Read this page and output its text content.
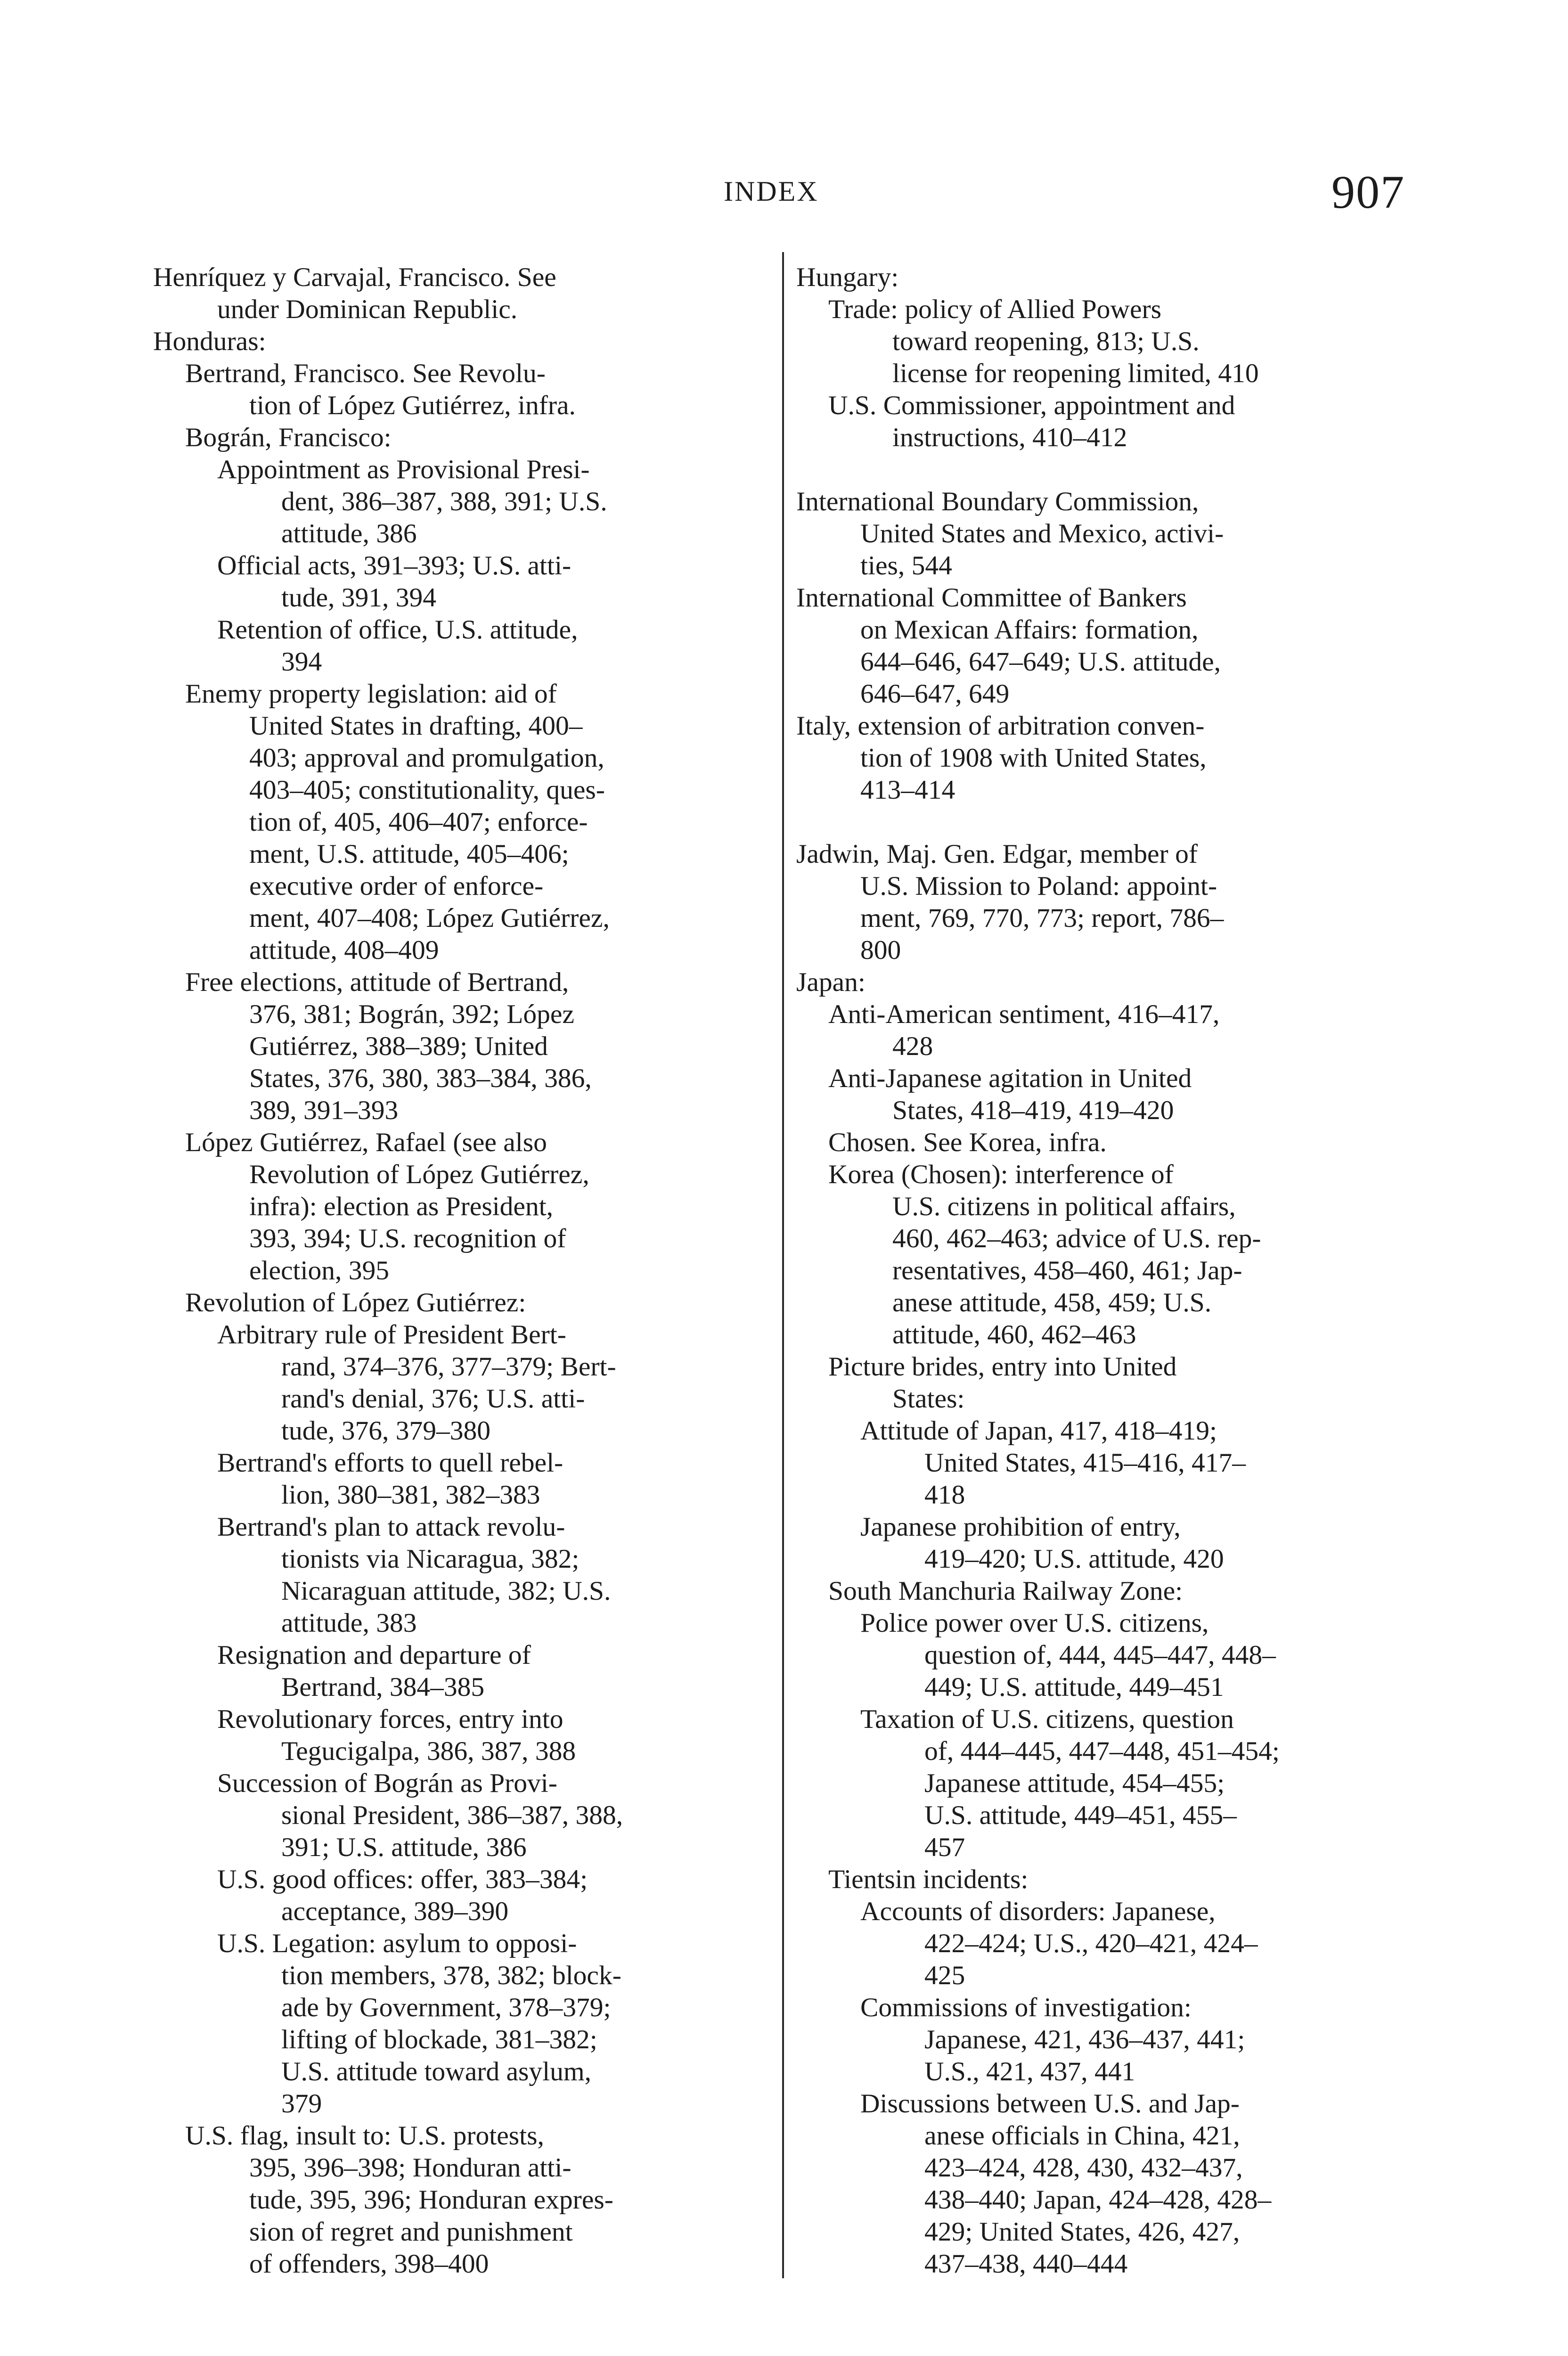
INDEX	907
Henríquez y Carvajal, Francisco. See
under Dominican Republic.
Honduras:
Bertrand, Francisco. See Revolu-
tion of López Gutiérrez, infra.
Bográn, Francisco:
Appointment as Provisional Presi-
dent, 386–387, 388, 391; U.S.
attitude, 386
Official acts, 391–393; U.S. atti-
tude, 391, 394
Retention of office, U.S. attitude,
394
Enemy property legislation: aid of
United States in drafting, 400–
403; approval and promulgation,
403–405; constitutionality, ques-
tion of, 405, 406–407; enforce-
ment, U.S. attitude, 405–406;
executive order of enforce-
ment, 407–408; López Gutiérrez,
attitude, 408–409
Free elections, attitude of Bertrand,
376, 381; Bográn, 392; López
Gutiérrez, 388–389; United
States, 376, 380, 383–384, 386,
389, 391–393
López Gutiérrez, Rafael (see also
Revolution of López Gutiérrez,
infra): election as President,
393, 394; U.S. recognition of
election, 395
Revolution of López Gutiérrez:
Arbitrary rule of President Bert-
rand, 374–376, 377–379; Bert-
rand's denial, 376; U.S. atti-
tude, 376, 379–380
Bertrand's efforts to quell rebel-
lion, 380–381, 382–383
Bertrand's plan to attack revolu-
tionists via Nicaragua, 382;
Nicaraguan attitude, 382; U.S.
attitude, 383
Resignation and departure of
Bertrand, 384–385
Revolutionary forces, entry into
Tegucigalpa, 386, 387, 388
Succession of Bográn as Provi-
sional President, 386–387, 388,
391; U.S. attitude, 386
U.S. good offices: offer, 383–384;
acceptance, 389–390
U.S. Legation: asylum to opposi-
tion members, 378, 382; block-
ade by Government, 378–379;
lifting of blockade, 381–382;
U.S. attitude toward asylum,
379
U.S. flag, insult to: U.S. protests,
395, 396–398; Honduran atti-
tude, 395, 396; Honduran expres-
sion of regret and punishment
of offenders, 398–400
Hungary:
Trade: policy of Allied Powers
toward reopening, 813; U.S.
license for reopening limited, 410
U.S. Commissioner, appointment and
instructions, 410–412
International Boundary Commission,
United States and Mexico, activi-
ties, 544
International Committee of Bankers
on Mexican Affairs: formation,
644–646, 647–649; U.S. attitude,
646–647, 649
Italy, extension of arbitration conven-
tion of 1908 with United States,
413–414
Jadwin, Maj. Gen. Edgar, member of
U.S. Mission to Poland: appoint-
ment, 769, 770, 773; report, 786–
800
Japan:
Anti-American sentiment, 416–417,
428
Anti-Japanese agitation in United
States, 418–419, 419–420
Chosen. See Korea, infra.
Korea (Chosen): interference of
U.S. citizens in political affairs,
460, 462–463; advice of U.S. rep-
resentatives, 458–460, 461; Jap-
anese attitude, 458, 459; U.S.
attitude, 460, 462–463
Picture brides, entry into United
States:
Attitude of Japan, 417, 418–419;
United States, 415–416, 417–
418
Japanese prohibition of entry,
419–420; U.S. attitude, 420
South Manchuria Railway Zone:
Police power over U.S. citizens,
question of, 444, 445–447, 448–
449; U.S. attitude, 449–451
Taxation of U.S. citizens, question
of, 444–445, 447–448, 451–454;
Japanese attitude, 454–455;
U.S. attitude, 449–451, 455–
457
Tientsin incidents:
Accounts of disorders: Japanese,
422–424; U.S., 420–421, 424–
425
Commissions of investigation:
Japanese, 421, 436–437, 441;
U.S., 421, 437, 441
Discussions between U.S. and Jap-
anese officials in China, 421,
423–424, 428, 430, 432–437,
438–440; Japan, 424–428, 428–
429; United States, 426, 427,
437–438, 440–444
